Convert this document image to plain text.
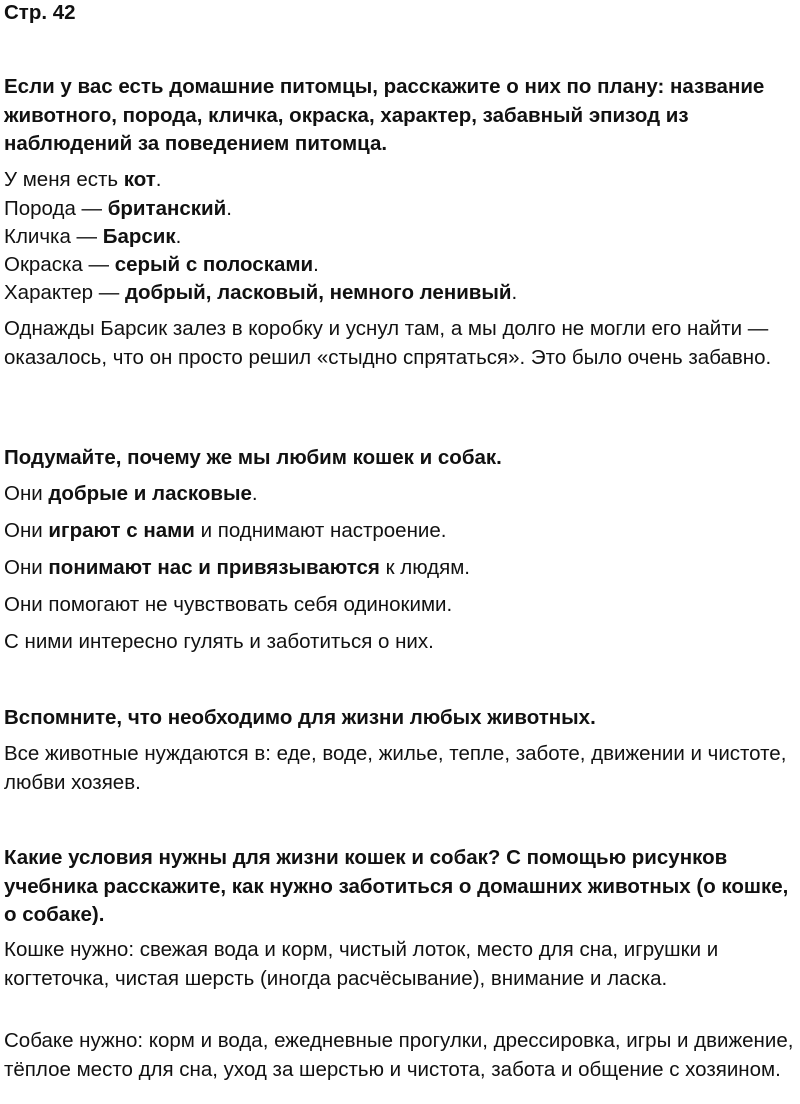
Стр. 42
Если у вас есть домашние питомцы, расскажите о них по плану: название животного, порода, кличка, окраска, характер, забавный эпизод из наблюдений за поведением питомца.
У меня есть кот.
Порода — британский.
Кличка — Барсик.
Окраска — серый с полосками.
Характер — добрый, ласковый, немного ленивый.
Однажды Барсик залез в коробку и уснул там, а мы долго не могли его найти — оказалось, что он просто решил «стыдно спрятаться». Это было очень забавно.
Подумайте, почему же мы любим кошек и собак.
Они добрые и ласковые.
Они играют с нами и поднимают настроение.
Они понимают нас и привязываются к людям.
Они помогают не чувствовать себя одинокими.
С ними интересно гулять и заботиться о них.
Вспомните, что необходимо для жизни любых животных.
Все животные нуждаются в: еде, воде, жилье, тепле, заботе, движении и чистоте, любви хозяев.
Какие условия нужны для жизни кошек и собак? С помощью рисунков учебника расскажите, как нужно заботиться о домашних животных (о кошке, о собаке).
Кошке нужно: свежая вода и корм, чистый лоток, место для сна, игрушки и когтеточка, чистая шерсть (иногда расчёсывание), внимание и ласка.
Собаке нужно: корм и вода, ежедневные прогулки, дрессировка, игры и движение, тёплое место для сна, уход за шерстью и чистота, забота и общение с хозяином.
